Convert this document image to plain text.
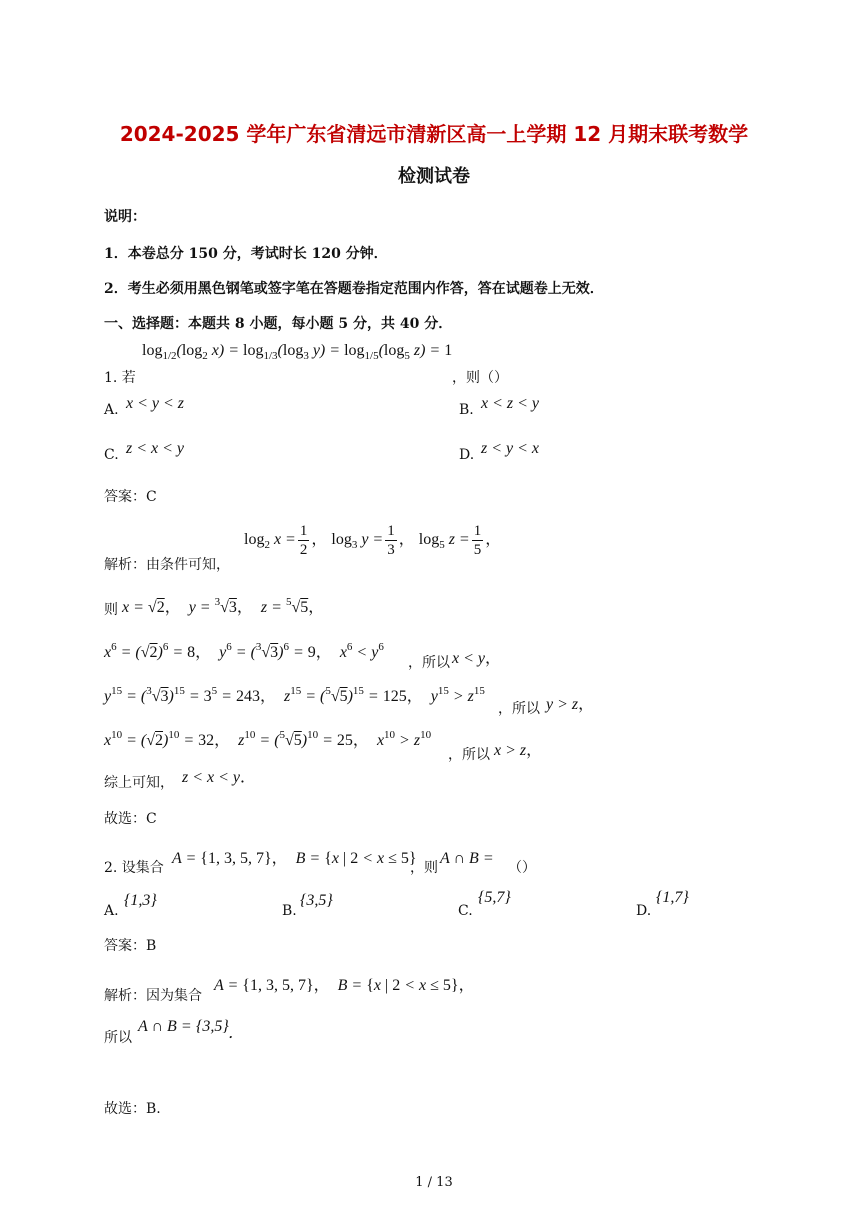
2024-2025 学年广东省清远市清新区高一上学期 12 月期末联考数学
检测试卷
说明：
1．本卷总分 150 分，考试时长 120 分钟．
2．考生必须用黑色钢笔或签字笔在答题卷指定范围内作答，答在试题卷上无效．
一、选择题：本题共 8 小题，每小题 5 分，共 40 分．
$\log_{1/2}(\log_2$ $x) = \log_{1/3}(\log_3$ $y) = \log_{1/5}(\log_5$ z) = 1
1. 若	，则（）
A. x < y < z	B. x < z < y
C. z < x < y	D. z < y < x
答案：C
解析：由条件可知，
$\log_2 x = \frac{1}{2}$ ， $\log_3 y = \frac{1}{3}$ ， $\log_5 z = \frac{1}{5}$ ，
则 x = √2，  y = $^3$√3，  z = $^5$√5，
$x^6 = (√2)^6 = 8$，  $y^6 = (^3√3)^6 = 9$，  $x^6 < y^6$
，所以 x < y，
$y^{15} = (^3√3)^{15} = 3^5 = 243$，  $z^{15} = (^5√5)^{15} = 125$，  $y^{15} > z^{15}$
，所以 y > z，
$x^{10} = (√2)^{10} = 32$，  $z^{10} = (^5√5)^{10} = 25$，  $x^{10} > z^{10}$
，所以 x > z，
综上可知， z < x < y．
故选：C
2. 设集合
A = {1, 3, 5, 7}，  B = {x | 2 < x ≤ 5}
，则
A ∩ B =
（）
A.
{1,3}
B.
{3,5}
C.
{5,7}
D.
{1,7}
答案：B
解析：因为集合
A = {1, 3, 5, 7}，  B = {x | 2 < x ≤ 5}，
所以
A ∩ B = {3,5} ．
故选：B.
1 / 13
